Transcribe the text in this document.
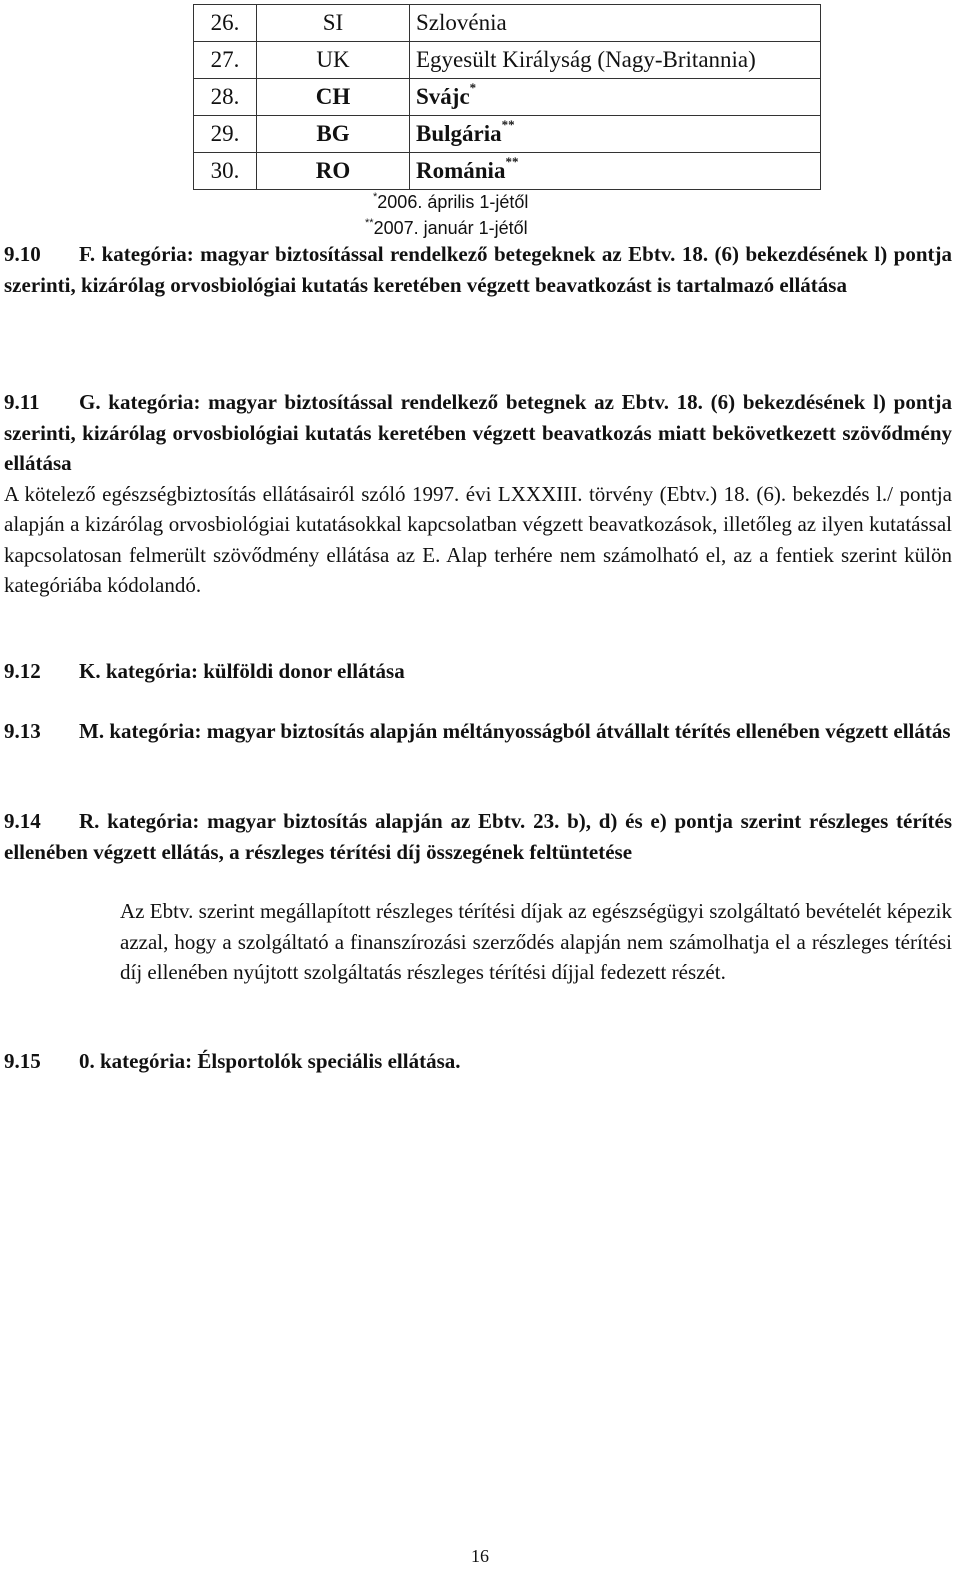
26.	SI	Szlovénia
27.	UK	Egyesült Királyság (Nagy-Britannia)
28.	CH	Svájc*
29.	BG	Bulgária**
30.	RO	Románia**
*2006. április 1-jétől
**2007. január 1-jétől

9.10 F. kategória: magyar biztosítással rendelkező betegeknek az Ebtv. 18. (6) bekezdésének l) pontja szerinti, kizárólag orvosbiológiai kutatás keretében végzett beavatkozást is tartalmazó ellátása

9.11 G. kategória: magyar biztosítással rendelkező betegnek az Ebtv. 18. (6) bekezdésének l) pontja szerinti, kizárólag orvosbiológiai kutatás keretében végzett beavatkozás miatt bekövetkezett szövődmény ellátása

A kötelező egészségbiztosítás ellátásairól szóló 1997. évi LXXXIII. törvény (Ebtv.) 18. (6). bekezdés l./ pontja alapján a kizárólag orvosbiológiai kutatásokkal kapcsolatban végzett beavatkozások, illetőleg az ilyen kutatással kapcsolatosan felmerült szövődmény ellátása az E. Alap terhére nem számolható el, az a fentiek szerint külön kategóriába kódolandó.

9.12 K. kategória: külföldi donor ellátása

9.13 M. kategória: magyar biztosítás alapján méltányosságból átvállalt térítés ellenében végzett ellátás

9.14 R. kategória: magyar biztosítás alapján az Ebtv. 23. b), d) és e) pontja szerint részleges térítés ellenében végzett ellátás, a részleges térítési díj összegének feltüntetése

Az Ebtv. szerint megállapított részleges térítési díjak az egészségügyi szolgáltató bevételét képezik azzal, hogy a szolgáltató a finanszírozási szerződés alapján nem számolhatja el a részleges térítési díj ellenében nyújtott szolgáltatás részleges térítési díjjal fedezett részét.

9.15 0. kategória: Élsportolók speciális ellátása.

16
